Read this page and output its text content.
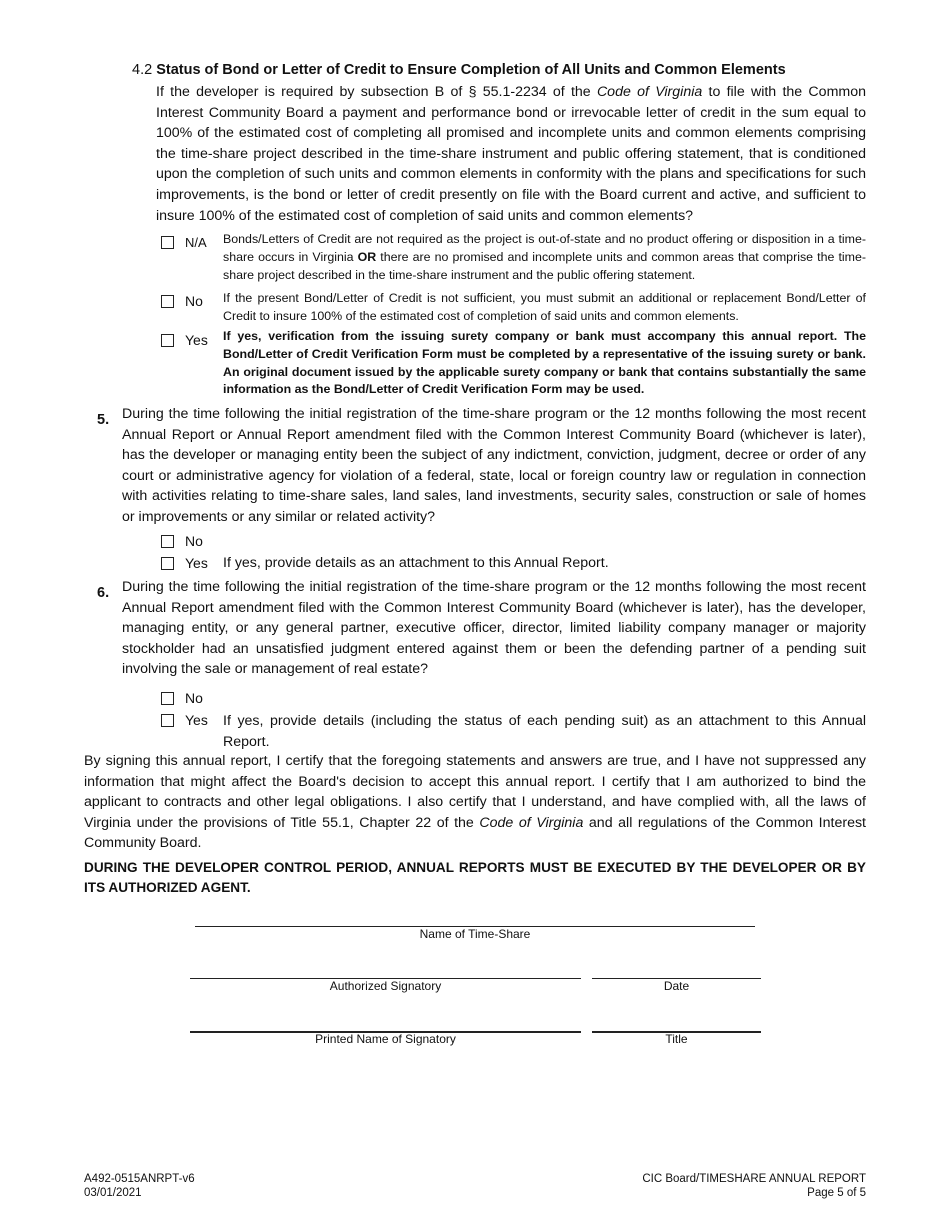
4.2 Status of Bond or Letter of Credit to Ensure Completion of All Units and Common Elements
If the developer is required by subsection B of § 55.1-2234 of the Code of Virginia to file with the Common Interest Community Board a payment and performance bond or irrevocable letter of credit in the sum equal to 100% of the estimated cost of completing all promised and incomplete units and common elements comprising the time-share project described in the time-share instrument and public offering statement, that is conditioned upon the completion of such units and common elements in conformity with the plans and specifications for such improvements, is the bond or letter of credit presently on file with the Board current and active, and sufficient to insure 100% of the estimated cost of completion of said units and common elements?
N/A Bonds/Letters of Credit are not required as the project is out-of-state and no product offering or disposition in a time-share occurs in Virginia OR there are no promised and incomplete units and common areas that comprise the time-share project described in the time-share instrument and the public offering statement.
No If the present Bond/Letter of Credit is not sufficient, you must submit an additional or replacement Bond/Letter of Credit to insure 100% of the estimated cost of completion of said units and common elements.
Yes If yes, verification from the issuing surety company or bank must accompany this annual report. The Bond/Letter of Credit Verification Form must be completed by a representative of the issuing surety or bank. An original document issued by the applicable surety company or bank that contains substantially the same information as the Bond/Letter of Credit Verification Form may be used.
5. During the time following the initial registration of the time-share program or the 12 months following the most recent Annual Report or Annual Report amendment filed with the Common Interest Community Board (whichever is later), has the developer or managing entity been the subject of any indictment, conviction, judgment, decree or order of any court or administrative agency for violation of a federal, state, local or foreign country law or regulation in connection with activities relating to time-share sales, land sales, land investments, security sales, construction or sale of homes or improvements or any similar or related activity?
No
Yes If yes, provide details as an attachment to this Annual Report.
6. During the time following the initial registration of the time-share program or the 12 months following the most recent Annual Report amendment filed with the Common Interest Community Board (whichever is later), has the developer, managing entity, or any general partner, executive officer, director, limited liability company manager or majority stockholder had an unsatisfied judgment entered against them or been the defending partner of a pending suit involving the sale or management of real estate?
No
Yes If yes, provide details (including the status of each pending suit) as an attachment to this Annual Report.
By signing this annual report, I certify that the foregoing statements and answers are true, and I have not suppressed any information that might affect the Board's decision to accept this annual report. I certify that I am authorized to bind the applicant to contracts and other legal obligations. I also certify that I understand, and have complied with, all the laws of Virginia under the provisions of Title 55.1, Chapter 22 of the Code of Virginia and all regulations of the Common Interest Community Board.
DURING THE DEVELOPER CONTROL PERIOD, ANNUAL REPORTS MUST BE EXECUTED BY THE DEVELOPER OR BY ITS AUTHORIZED AGENT.
Name of Time-Share
Authorized Signatory	Date
Printed Name of Signatory	Title
A492-0515ANRPT-v6
03/01/2021
CIC Board/TIMESHARE ANNUAL REPORT
Page 5 of 5
